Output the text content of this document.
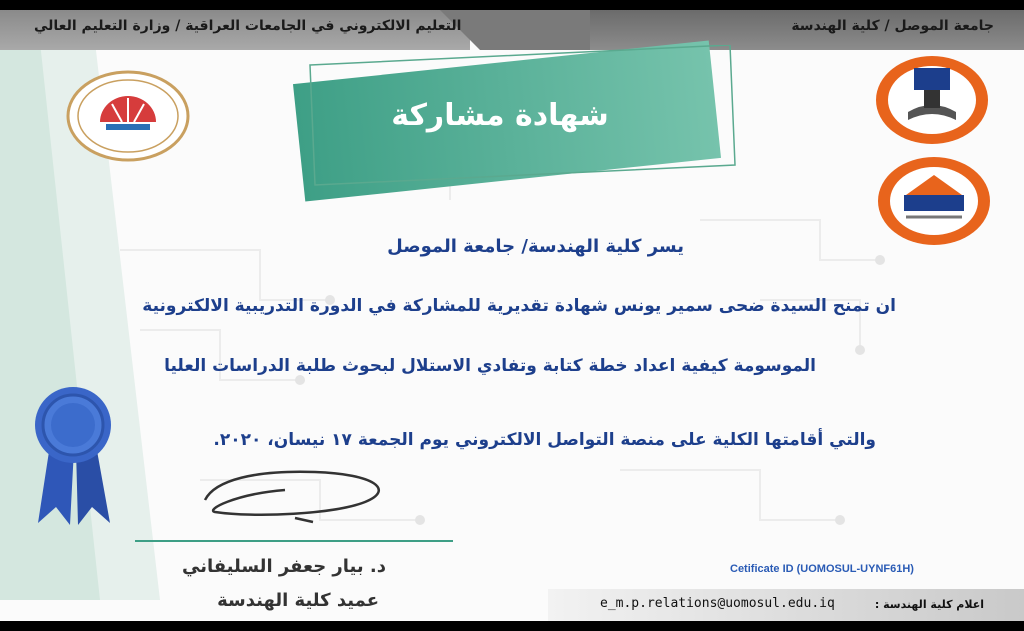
جامعة الموصل / كلية الهندسة
التعليم الالكتروني في الجامعات العراقية / وزارة التعليم العالي
شهادة مشاركة
يسر كلية الهندسة/ جامعة الموصل
ان تمنح السيدة ضحى سمير يونس شهادة تقديرية للمشاركة في الدورة التدريبية الالكترونية
الموسومة كيفية اعداد خطة كتابة وتفادي الاستلال لبحوث طلبة الدراسات العليا
والتي أقامتها الكلية على منصة التواصل الالكتروني يوم الجمعة ١٧ نيسان، ٢٠٢٠.
د. بيار جعفر السليفاني
عميد كلية الهندسة
Cetificate ID (UOMOSUL-UYNF61H)
e_m.p.relations@uomosul.edu.iq	اعلام كلية الهندسة :
